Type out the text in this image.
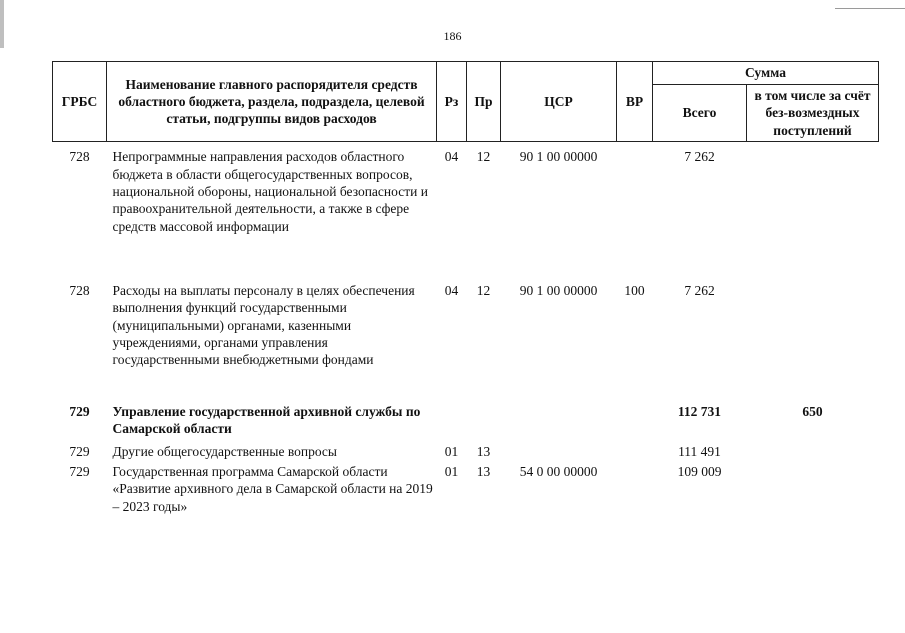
186
ГРБС	Наименование главного распорядителя средств областного бюджета, раздела, подраздела, целевой статьи, подгруппы видов расходов	Рз	Пр	ЦСР	ВР	Сумма	
						Всего	в том числе за счёт без-возмездных поступлений
728	Непрограммные направления расходов областного бюджета в области общегосударственных вопросов, национальной обороны, национальной безопасности и правоохранительной деятельности, а также в сфере средств массовой информации	04	12	90 1 00 00000		7 262	
728	Расходы на выплаты персоналу в целях обеспечения выполнения функций государственными (муниципальными) органами, казенными учреждениями, органами управления государственными внебюджетными фондами	04	12	90 1 00 00000	100	7 262	
729	Управление государственной архивной службы по Самарской области					112 731	650
729	Другие общегосударственные вопросы	01	13			111 491	
729	Государственная программа Самарской области «Развитие архивного дела в Самарской области на 2019 – 2023 годы»	01	13	54 0 00 00000		109 009	
